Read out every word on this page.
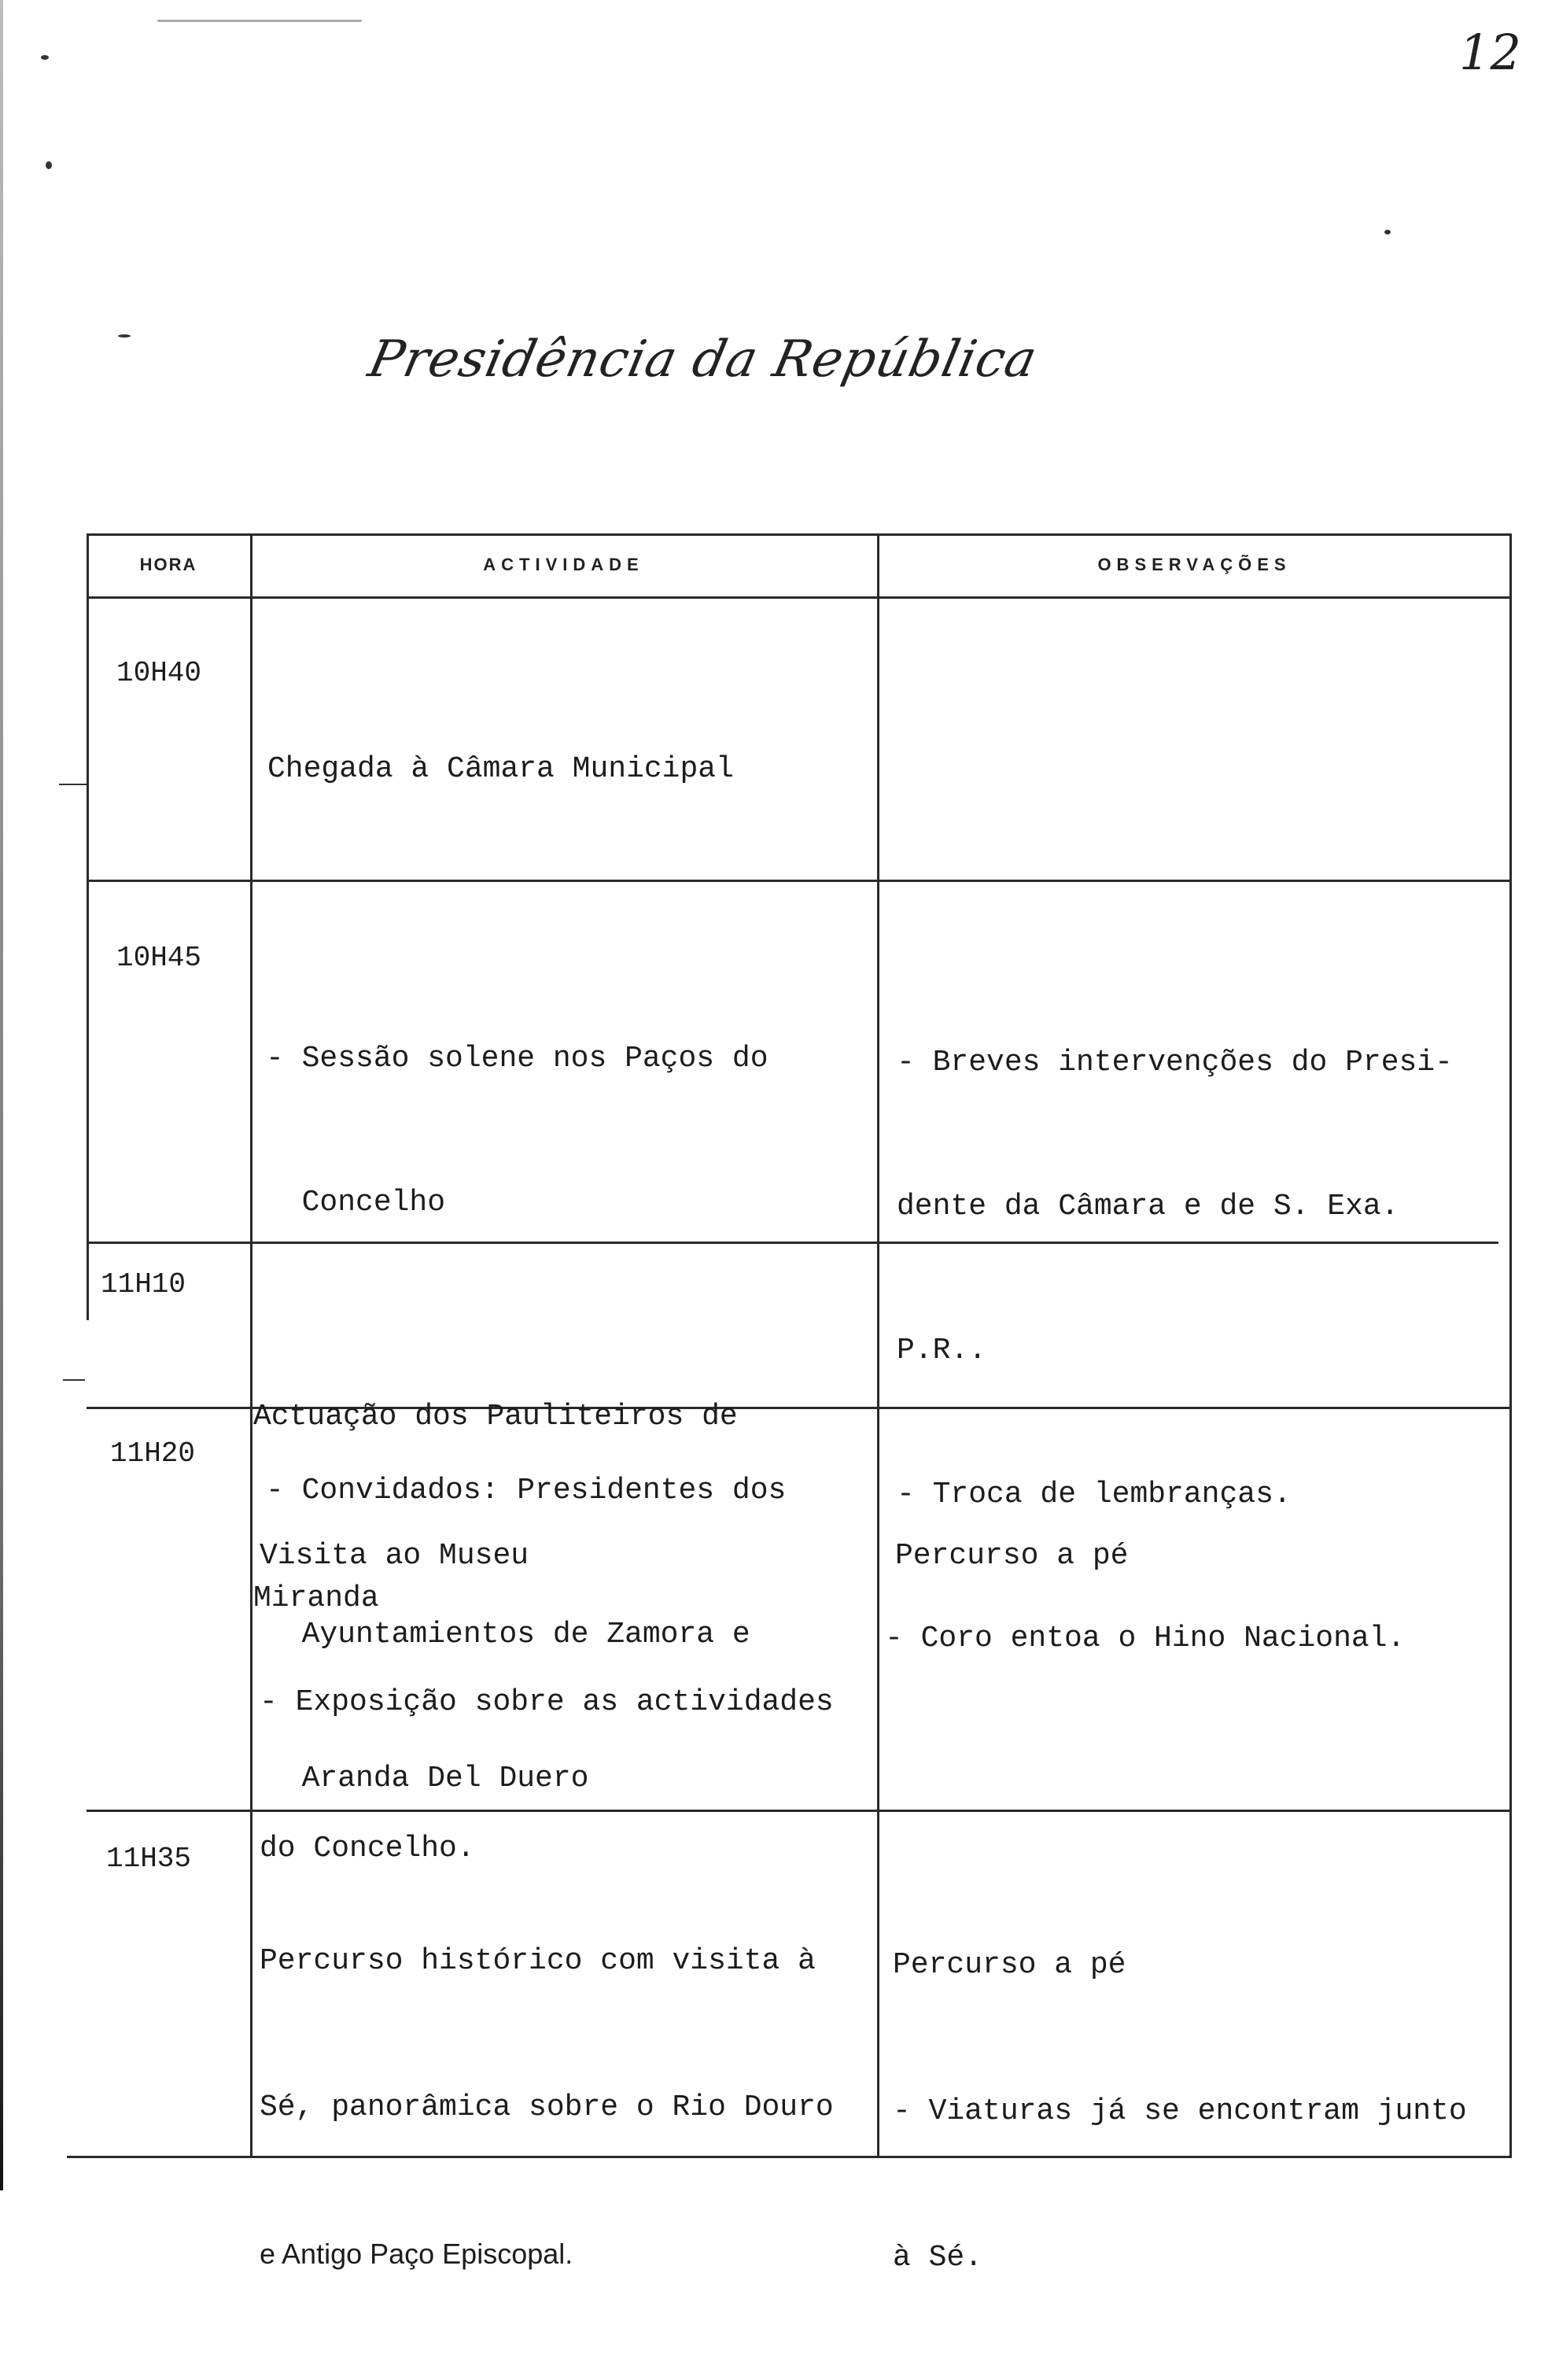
12
Presidência da República
HORA	ACTIVIDADE	OBSERVAÇÕES
10H40

Chegada à Câmara Municipal

10H45

- Sessão solene nos Paços do

Concelho

- Convidados: Presidentes dos

Ayuntamientos de Zamora e

Aranda Del Duero

- Breves intervenções do Presi-

dente da Câmara e de S. Exa.

P.R..

- Troca de lembranças.

- Coro entoa o Hino Nacional.

11H10

Actuação dos Pauliteiros de

Miranda

11H20

Visita ao Museu

- Exposição sobre as actividades

do Concelho.

Percurso a pé

11H35

Percurso histórico com visita à

Sé, panorâmica sobre o Rio Douro

e Antigo Paço Episcopal.

Percurso a pé

- Viaturas já se encontram junto

à Sé.
